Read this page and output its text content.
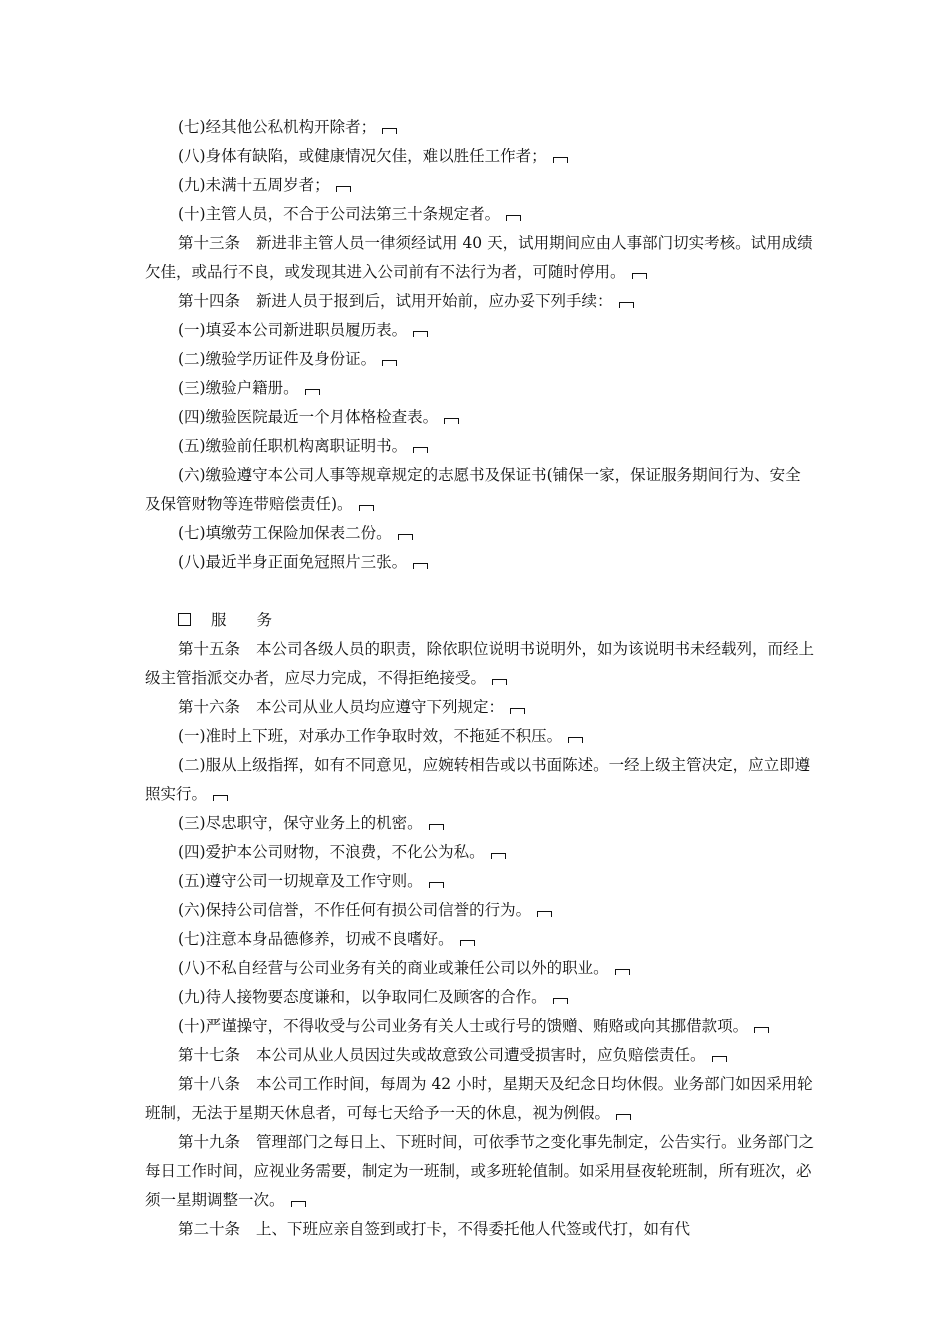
(七)经其他公私机构开除者；

(八)身体有缺陷，或健康情况欠佳，难以胜任工作者；

(九)未满十五周岁者；

(十)主管人员，不合于公司法第三十条规定者。

第十三条 新进非主管人员一律须经试用 40 天，试用期间应由人事部门切实考核。试用成绩欠佳，或品行不良，或发现其进入公司前有不法行为者，可随时停用。

第十四条 新进人员于报到后，试用开始前，应办妥下列手续：

(一)填妥本公司新进职员履历表。

(二)缴验学历证件及身份证。

(三)缴验户籍册。

(四)缴验医院最近一个月体格检查表。

(五)缴验前任职机构离职证明书。

(六)缴验遵守本公司人事等规章规定的志愿书及保证书(铺保一家，保证服务期间行为、安全及保管财物等连带赔偿责任)。

(七)填缴劳工保险加保表二份。

(八)最近半身正面免冠照片三张。

服务

第十五条 本公司各级人员的职责，除依职位说明书说明外，如为该说明书未经载列，而经上级主管指派交办者，应尽力完成，不得拒绝接受。

第十六条 本公司从业人员均应遵守下列规定：

(一)准时上下班，对承办工作争取时效，不拖延不积压。

(二)服从上级指挥，如有不同意见，应婉转相告或以书面陈述。一经上级主管决定，应立即遵照实行。

(三)尽忠职守，保守业务上的机密。

(四)爱护本公司财物，不浪费，不化公为私。

(五)遵守公司一切规章及工作守则。

(六)保持公司信誉，不作任何有损公司信誉的行为。

(七)注意本身品德修养，切戒不良嗜好。

(八)不私自经营与公司业务有关的商业或兼任公司以外的职业。

(九)待人接物要态度谦和，以争取同仁及顾客的合作。

(十)严谨操守，不得收受与公司业务有关人士或行号的馈赠、贿赂或向其挪借款项。

第十七条 本公司从业人员因过失或故意致公司遭受损害时，应负赔偿责任。

第十八条 本公司工作时间，每周为 42 小时，星期天及纪念日均休假。业务部门如因采用轮班制，无法于星期天休息者，可每七天给予一天的休息，视为例假。

第十九条 管理部门之每日上、下班时间，可依季节之变化事先制定，公告实行。业务部门之每日工作时间，应视业务需要，制定为一班制，或多班轮值制。如采用昼夜轮班制，所有班次，必须一星期调整一次。

第二十条 上、下班应亲自签到或打卡，不得委托他人代签或代打，如有代
